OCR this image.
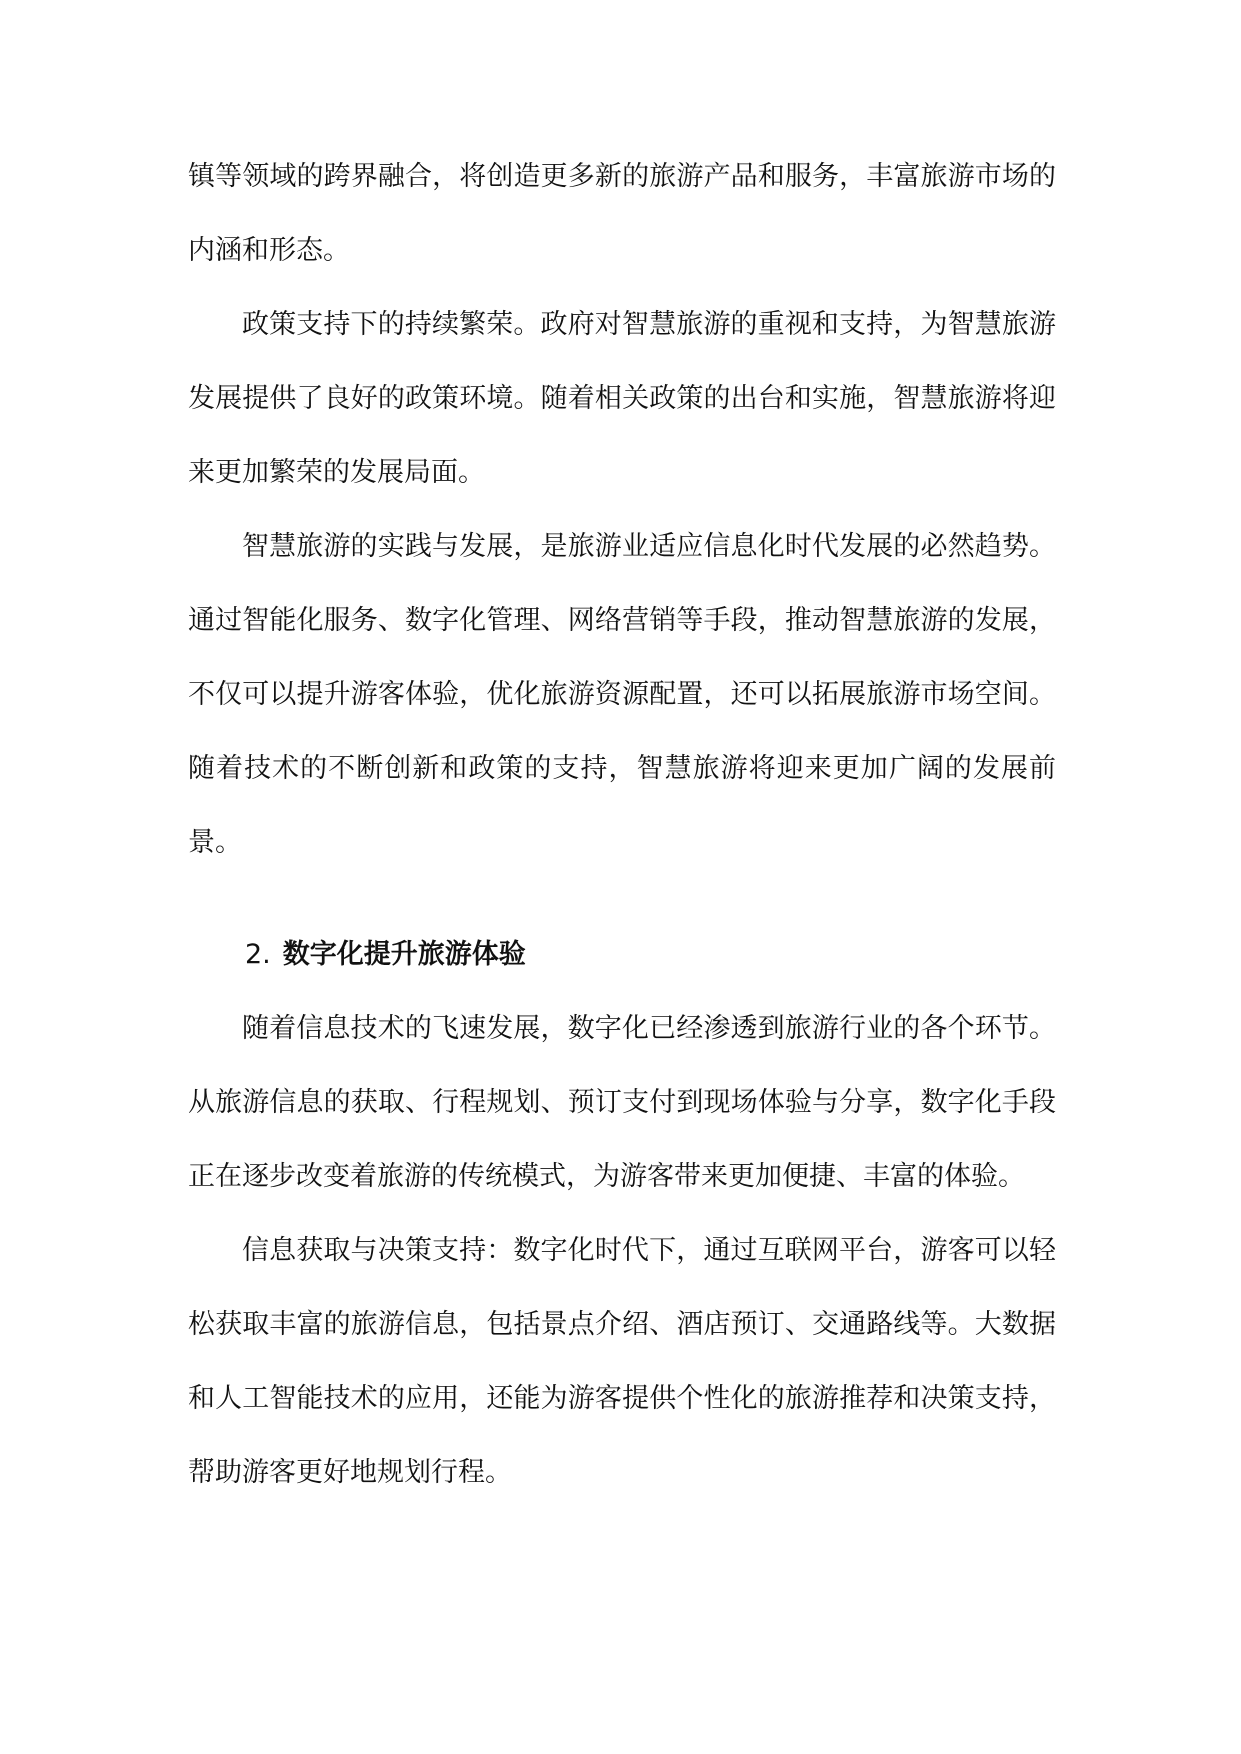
镇等领域的跨界融合，将创造更多新的旅游产品和服务，丰富旅游市场的内涵和形态。

政策支持下的持续繁荣。政府对智慧旅游的重视和支持，为智慧旅游发展提供了良好的政策环境。随着相关政策的出台和实施，智慧旅游将迎来更加繁荣的发展局面。

智慧旅游的实践与发展，是旅游业适应信息化时代发展的必然趋势。通过智能化服务、数字化管理、网络营销等手段，推动智慧旅游的发展，不仅可以提升游客体验，优化旅游资源配置，还可以拓展旅游市场空间。随着技术的不断创新和政策的支持，智慧旅游将迎来更加广阔的发展前景。

2. 数字化提升旅游体验

随着信息技术的飞速发展，数字化已经渗透到旅游行业的各个环节。从旅游信息的获取、行程规划、预订支付到现场体验与分享，数字化手段正在逐步改变着旅游的传统模式，为游客带来更加便捷、丰富的体验。

信息获取与决策支持：数字化时代下，通过互联网平台，游客可以轻松获取丰富的旅游信息，包括景点介绍、酒店预订、交通路线等。大数据和人工智能技术的应用，还能为游客提供个性化的旅游推荐和决策支持，帮助游客更好地规划行程。
